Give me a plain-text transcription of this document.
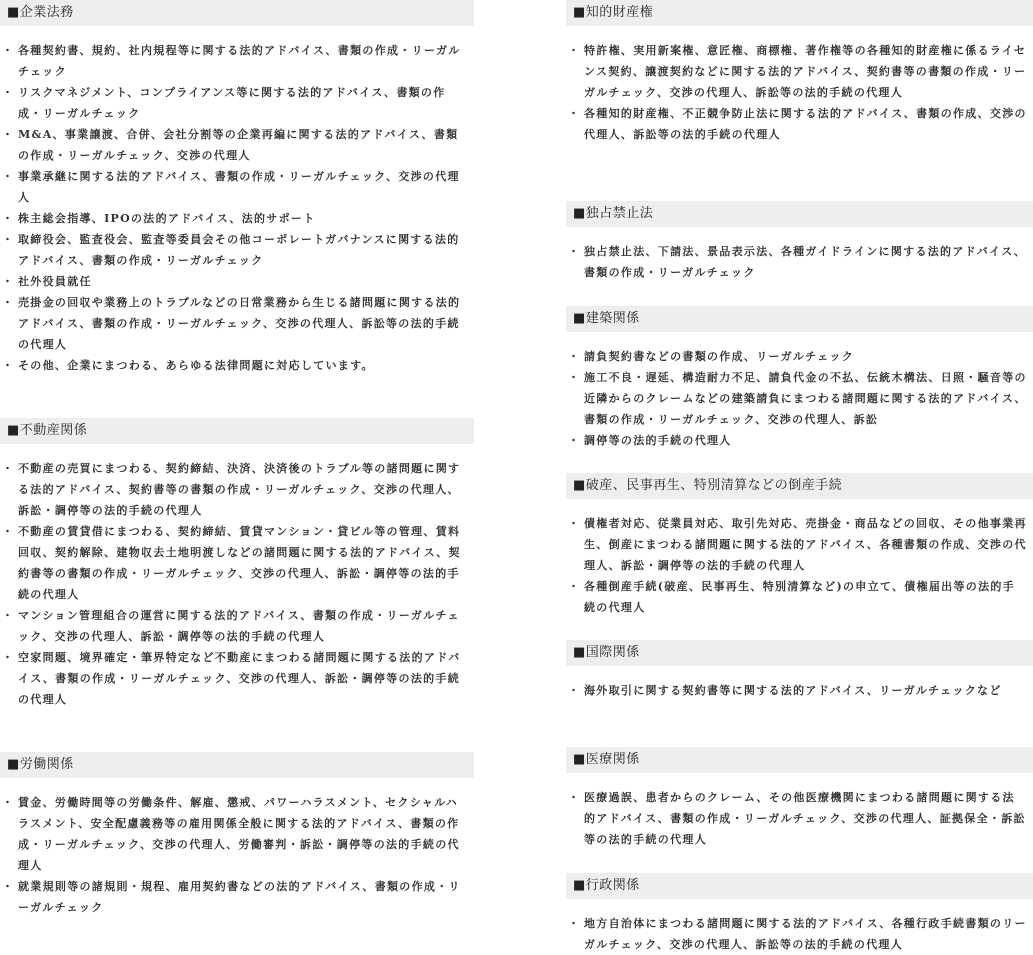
■企業法務
・ 各種契約書、規約、社内規程等に関する法的アドバイス、書類の作成・リーガルチェック
・ リスクマネジメント、コンプライアンス等に関する法的アドバイス、書類の作成・リーガルチェック
・ M&A、事業譲渡、合併、会社分割等の企業再編に関する法的アドバイス、書類の作成・リーガルチェック、交渉の代理人
・ 事業承継に関する法的アドバイス、書類の作成・リーガルチェック、交渉の代理人
・ 株主総会指導、IPOの法的アドバイス、法的サポート
・ 取締役会、監査役会、監査等委員会その他コーポレートガバナンスに関する法的アドバイス、書類の作成・リーガルチェック
・ 社外役員就任
・ 売掛金の回収や業務上のトラブルなどの日常業務から生じる諸問題に関する法的アドバイス、書類の作成・リーガルチェック、交渉の代理人、訴訟等の法的手続の代理人
・ その他、企業にまつわる、あらゆる法律問題に対応しています。
■不動産関係
・ 不動産の売買にまつわる、契約締結、決済、決済後のトラブル等の諸問題に関する法的アドバイス、契約書等の書類の作成・リーガルチェック、交渉の代理人、訴訟・調停等の法的手続の代理人
・ 不動産の賃貸借にまつわる、契約締結、賃貸マンション・貸ビル等の管理、賃料回収、契約解除、建物収去土地明渡しなどの諸問題に関する法的アドバイス、契約書等の書類の作成・リーガルチェック、交渉の代理人、訴訟・調停等の法的手続の代理人
・ マンション管理組合の運営に関する法的アドバイス、書類の作成・リーガルチェック、交渉の代理人、訴訟・調停等の法的手続の代理人
・ 空家問題、境界確定・筆界特定など不動産にまつわる諸問題に関する法的アドバイス、書類の作成・リーガルチェック、交渉の代理人、訴訟・調停等の法的手続の代理人
■労働関係
・ 賃金、労働時間等の労働条件、解雇、懲戒、パワーハラスメント、セクシャルハラスメント、安全配慮義務等の雇用関係全般に関する法的アドバイス、書類の作成・リーガルチェック、交渉の代理人、労働審判・訴訟・調停等の法的手続の代理人
・ 就業規則等の諸規則・規程、雇用契約書などの法的アドバイス、書類の作成・リーガルチェック
■知的財産権
・ 特許権、実用新案権、意匠権、商標権、著作権等の各種知的財産権に係るライセンス契約、譲渡契約などに関する法的アドバイス、契約書等の書類の作成・リーガルチェック、交渉の代理人、訴訟等の法的手続の代理人
・ 各種知的財産権、不正競争防止法に関する法的アドバイス、書類の作成、交渉の代理人、訴訟等の法的手続の代理人
■独占禁止法
・ 独占禁止法、下請法、景品表示法、各種ガイドラインに関する法的アドバイス、書類の作成・リーガルチェック
■建築関係
・ 請負契約書などの書類の作成、リーガルチェック
・ 施工不良・遅延、構造耐力不足、請負代金の不払、伝統木構法、日照・騒音等の近隣からのクレームなどの建築請負にまつわる諸問題に関する法的アドバイス、書類の作成・リーガルチェック、交渉の代理人、訴訟
・ 調停等の法的手続の代理人
■破産、民事再生、特別清算などの倒産手続
・ 債権者対応、従業員対応、取引先対応、売掛金・商品などの回収、その他事業再生、倒産にまつわる諸問題に関する法的アドバイス、各種書類の作成、交渉の代理人、訴訟・調停等の法的手続の代理人
・ 各種倒産手続(破産、民事再生、特別清算など)の申立て、債権届出等の法的手続の代理人
■国際関係
・ 海外取引に関する契約書等に関する法的アドバイス、リーガルチェックなど
■医療関係
・ 医療過誤、患者からのクレーム、その他医療機関にまつわる諸問題に関する法的アドバイス、書類の作成・リーガルチェック、交渉の代理人、証拠保全・訴訟等の法的手続の代理人
■行政関係
・ 地方自治体にまつわる諸問題に関する法的アドバイス、各種行政手続書類のリーガルチェック、交渉の代理人、訴訟等の法的手続の代理人
